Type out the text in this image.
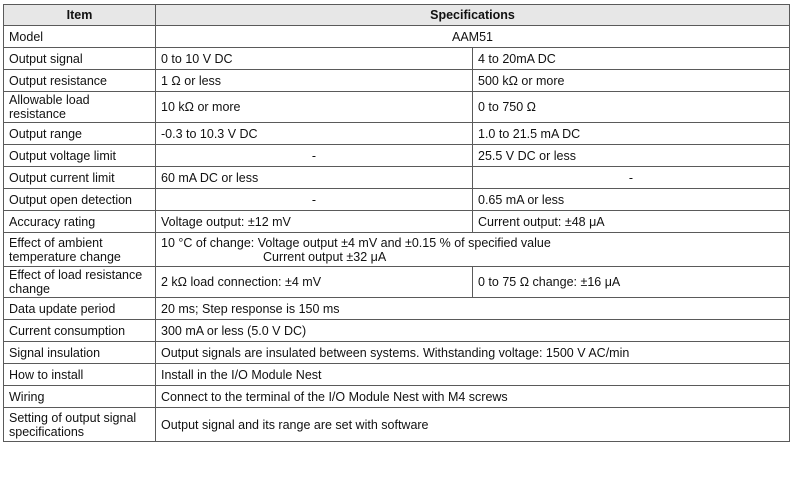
Item	Specifications	
Model	AAM51	
Output signal	0 to 10 V DC	4 to 20mA DC
Output resistance	1 Ω or less	500 kΩ or more
Allowable load
resistance	10 kΩ or more	0 to 750 Ω
Output range	-0.3 to 10.3 V DC	1.0 to 21.5 mA DC
Output voltage limit	-	25.5 V DC or less
Output current limit	60 mA DC or less	-
Output open detection	-	0.65 mA or less
Accuracy rating	Voltage output: ±12 mV	Current output: ±48 μA
Effect of ambient
temperature change	10 °C of change: Voltage output ±4 mV and ±0.15 % of specified value

Current output ±32 μA	

Effect of load resistance
change	2 kΩ load connection: ±4 mV	0 to 75 Ω change: ±16 μA
Data update period	20 ms; Step response is 150 ms	
Current consumption	300 mA or less (5.0 V DC)	
Signal insulation	Output signals are insulated between systems. Withstanding voltage: 1500 V AC/min	
How to install	Install in the I/O Module Nest	
Wiring	Connect to the terminal of the I/O Module Nest with M4 screws	
Setting of output signal
specifications	Output signal and its range are set with software	
